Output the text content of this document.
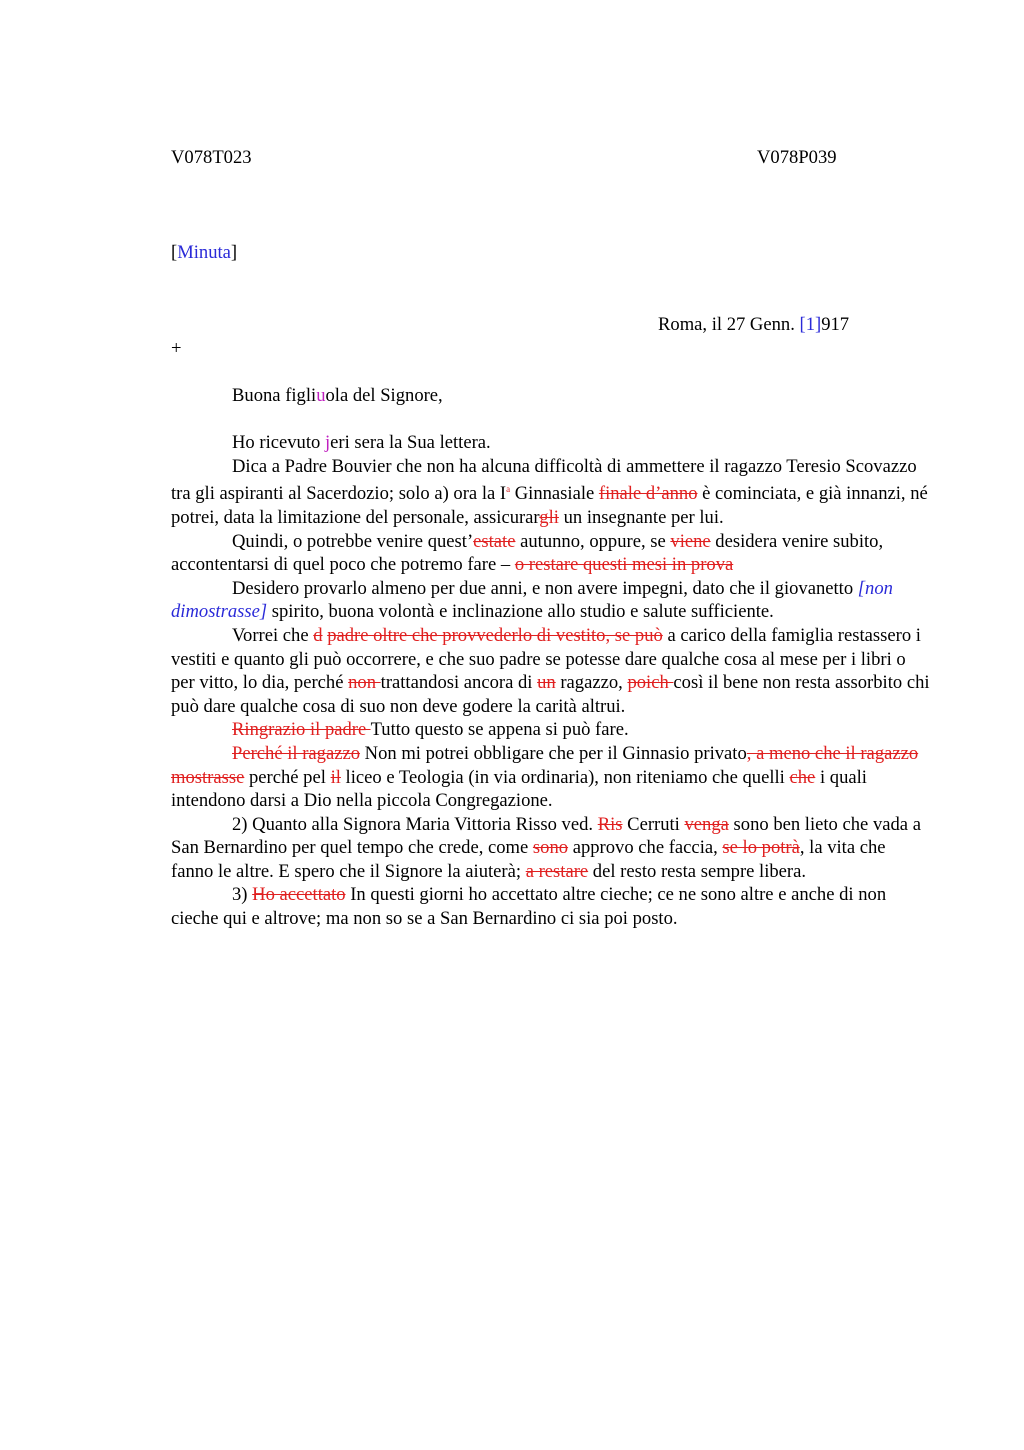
V078T023	V078P039
[Minuta]
Roma, il 27 Genn. [1]917
+

Buona figliuola del Signore,

Ho ricevuto jeri sera la Sua lettera.

Dica a Padre Bouvier che non ha alcuna difficoltà di ammettere il ragazzo Teresio Scovazzo tra gli aspiranti al Sacerdozio; solo a) ora la $I^a$ Ginnasiale finale d’anno è cominciata, e già innanzi, né potrei, data la limitazione del personale, assicurargli un insegnante per lui.

Quindi, o potrebbe venire quest’estate autunno, oppure, se viene desidera venire subito, accontentarsi di quel poco che potremo fare – o restare questi mesi in prova

Desidero provarlo almeno per due anni, e non avere impegni, dato che il giovanetto [non dimostrasse] spirito, buona volontà e inclinazione allo studio e salute sufficiente.

Vorrei che d padre oltre che provvederlo di vestito, se può a carico della famiglia restassero i vestiti e quanto gli può occorrere, e che suo padre se potesse dare qualche cosa al mese per i libri o per vitto, lo dia, perché non trattandosi ancora di un ragazzo, poich così il bene non resta assorbito chi può dare qualche cosa di suo non deve godere la carità altrui.

Ringrazio il padre Tutto questo se appena si può fare.

Perché il ragazzo Non mi potrei obbligare che per il Ginnasio privato, a meno che il ragazzo mostrasse perché pel il liceo e Teologia (in via ordinaria), non riteniamo che quelli che i quali intendono darsi a Dio nella piccola Congregazione.

2) Quanto alla Signora Maria Vittoria Risso ved. Ris Cerruti venga sono ben lieto che vada a San Bernardino per quel tempo che crede, come sono approvo che faccia, se lo potrà, la vita che fanno le altre. E spero che il Signore la aiuterà; a restare del resto resta sempre libera.

3) Ho accettato In questi giorni ho accettato altre cieche; ce ne sono altre e anche di non cieche qui e altrove; ma non so se a San Bernardino ci sia poi posto.
